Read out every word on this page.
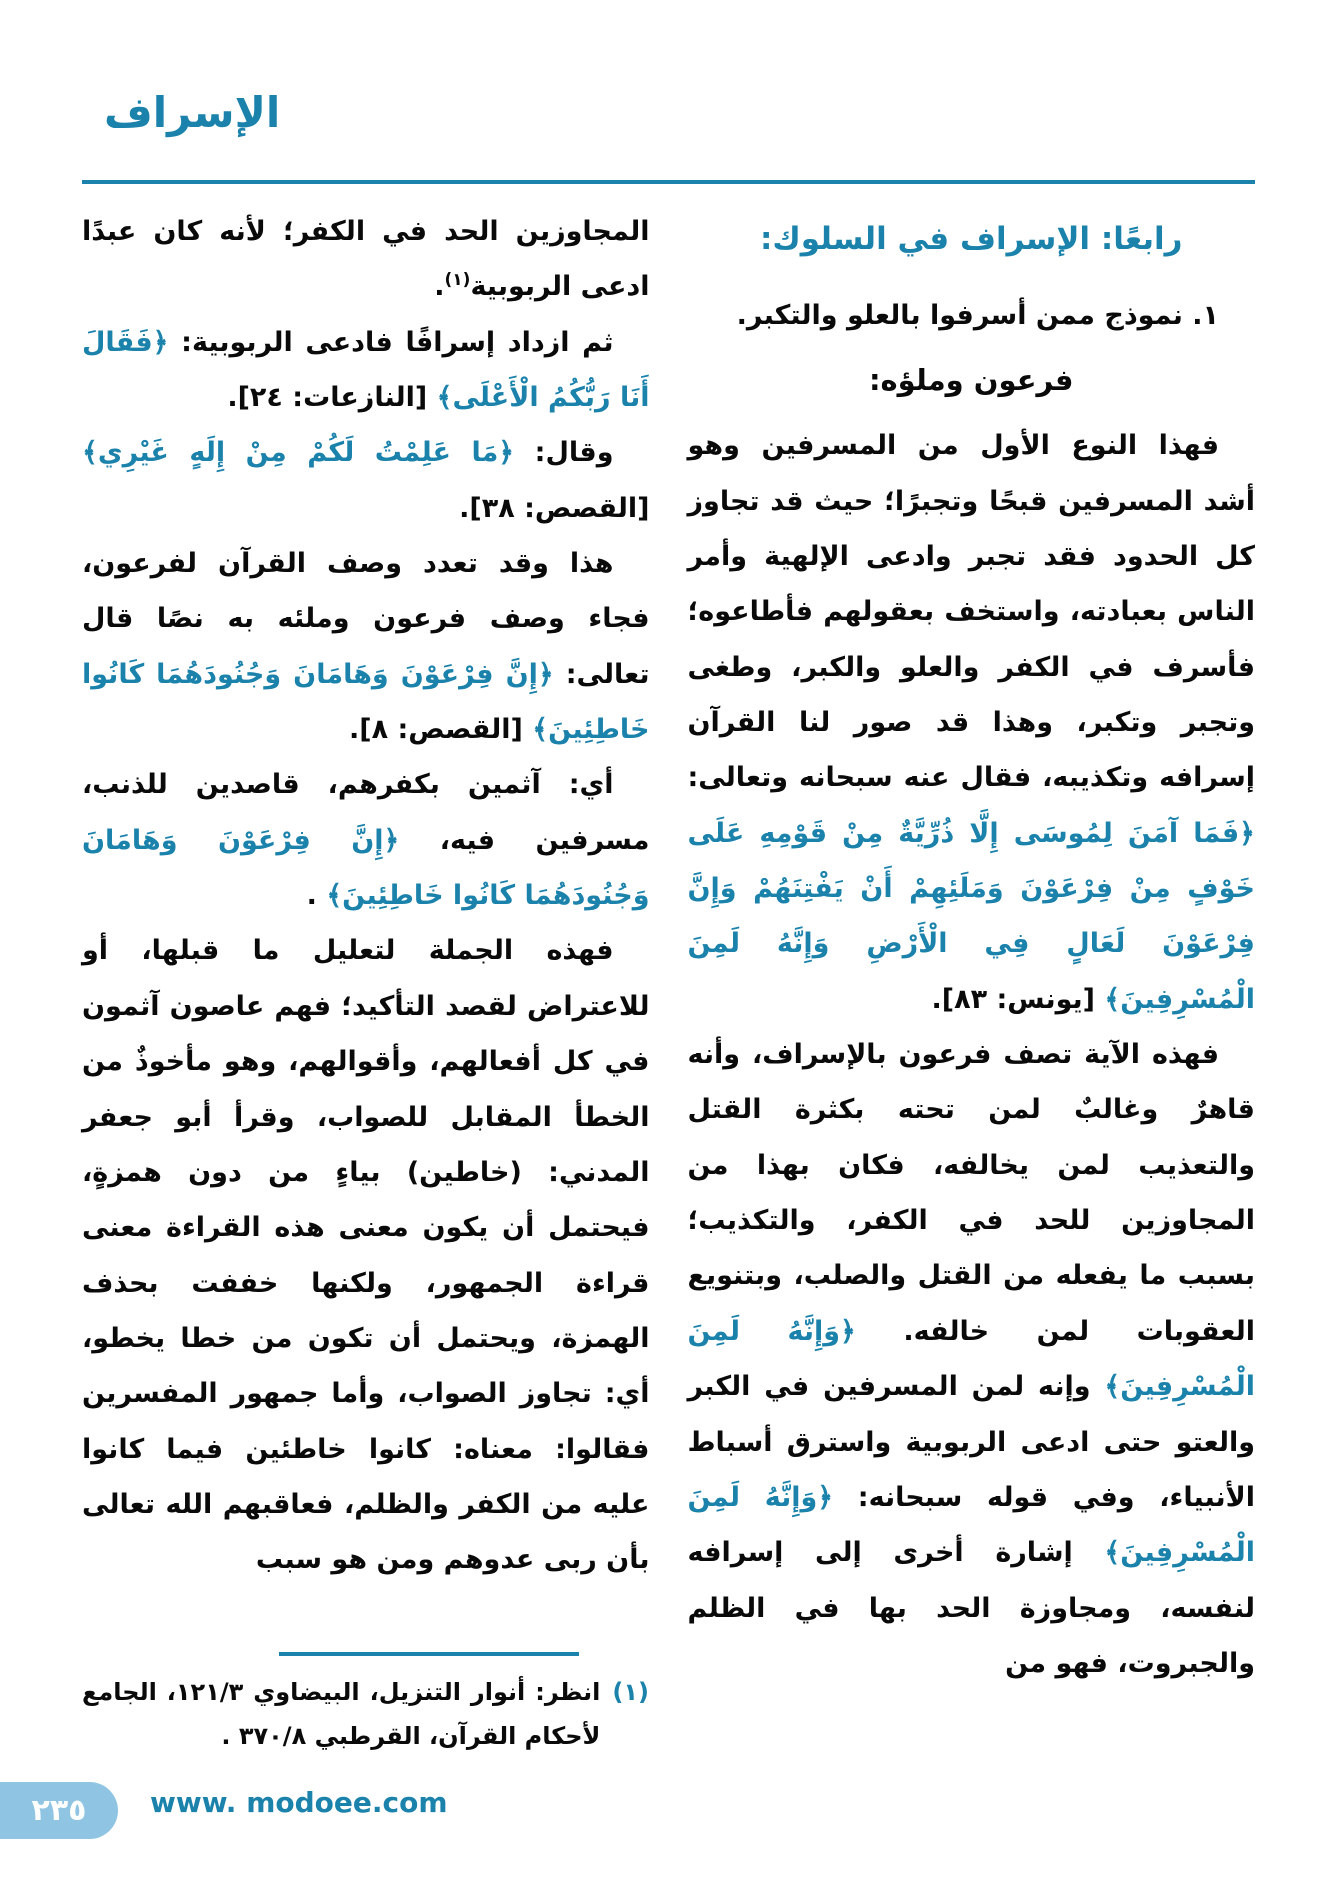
الإسراف
رابعًا: الإسراف في السلوك:

١. نموذج ممن أسرفوا بالعلو والتكبر.

فرعون وملؤه:

فهذا النوع الأول من المسرفين وهو أشد المسرفين قبحًا وتجبرًا؛ حيث قد تجاوز كل الحدود فقد تجبر وادعى الإلهية وأمر الناس بعبادته، واستخف بعقولهم فأطاعوه؛ فأسرف في الكفر والعلو والكبر، وطغى وتجبر وتكبر، وهذا قد صور لنا القرآن إسرافه وتكذيبه، فقال عنه سبحانه وتعالى: ﴿فَمَا آمَنَ لِمُوسَى إِلَّا ذُرِّيَّةٌ مِنْ قَوْمِهِ عَلَى خَوْفٍ مِنْ فِرْعَوْنَ وَمَلَئِهِمْ أَنْ يَفْتِنَهُمْ وَإِنَّ فِرْعَوْنَ لَعَالٍ فِي الْأَرْضِ وَإِنَّهُ لَمِنَ الْمُسْرِفِينَ﴾ [يونس: ٨٣].

فهذه الآية تصف فرعون بالإسراف، وأنه قاهرٌ وغالبٌ لمن تحته بكثرة القتل والتعذيب لمن يخالفه، فكان بهذا من المجاوزين للحد في الكفر، والتكذيب؛ بسبب ما يفعله من القتل والصلب، وبتنويع العقوبات لمن خالفه. ﴿وَإِنَّهُ لَمِنَ الْمُسْرِفِينَ﴾ وإنه لمن المسرفين في الكبر والعتو حتى ادعى الربوبية واسترق أسباط الأنبياء، وفي قوله سبحانه: ﴿وَإِنَّهُ لَمِنَ الْمُسْرِفِينَ﴾ إشارة أخرى إلى إسرافه لنفسه، ومجاوزة الحد بها في الظلم والجبروت، فهو من

المجاوزين الحد في الكفر؛ لأنه كان عبدًا ادعى الربوبية$^{(١)}$.

ثم ازداد إسرافًا فادعى الربوبية: ﴿فَقَالَ أَنَا رَبُّكُمُ الْأَعْلَى﴾ [النازعات: ٢٤].

وقال: ﴿مَا عَلِمْتُ لَكُمْ مِنْ إِلَهٍ غَيْرِي﴾ [القصص: ٣٨].

هذا وقد تعدد وصف القرآن لفرعون، فجاء وصف فرعون وملئه به نصًا قال تعالى: ﴿إِنَّ فِرْعَوْنَ وَهَامَانَ وَجُنُودَهُمَا كَانُوا خَاطِئِينَ﴾ [القصص: ٨].

أي: آثمين بكفرهم، قاصدين للذنب، مسرفين فيه، ﴿إِنَّ فِرْعَوْنَ وَهَامَانَ وَجُنُودَهُمَا كَانُوا خَاطِئِينَ﴾ .

فهذه الجملة لتعليل ما قبلها، أو للاعتراض لقصد التأكيد؛ فهم عاصون آثمون في كل أفعالهم، وأقوالهم، وهو مأخوذٌ من الخطأ المقابل للصواب، وقرأ أبو جعفر المدني: (خاطين) بياءٍ من دون همزةٍ، فيحتمل أن يكون معنى هذه القراءة معنى قراءة الجمهور، ولكنها خففت بحذف الهمزة، ويحتمل أن تكون من خطا يخطو، أي: تجاوز الصواب، وأما جمهور المفسرين فقالوا: معناه: كانوا خاطئين فيما كانوا عليه من الكفر والظلم، فعاقبهم الله تعالى بأن ربى عدوهم ومن هو سبب

(١)
انظر: أنوار التنزيل، البيضاوي ١٢١/٣، الجامع لأحكام القرآن، القرطبي ٣٧٠/٨ .
٢٣٥ www. modoee.com
